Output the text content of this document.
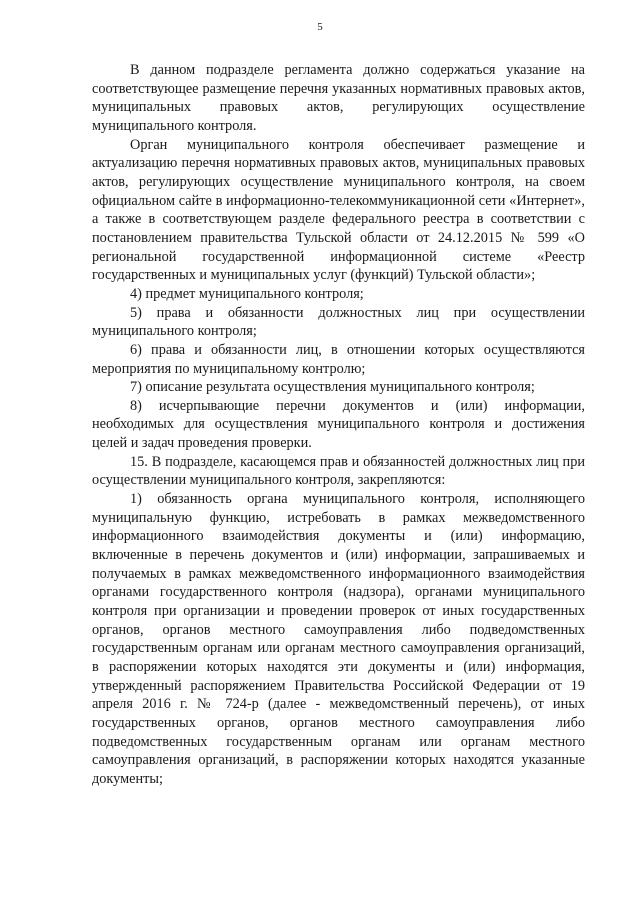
5

В данном подразделе регламента должно содержаться указание на соответствующее размещение перечня указанных нормативных правовых актов, муниципальных правовых актов, регулирующих осуществление муниципального контроля.

Орган муниципального контроля обеспечивает размещение и актуализацию перечня нормативных правовых актов, муниципальных правовых актов, регулирующих осуществление муниципального контроля, на своем официальном сайте в информационно-телекоммуникационной сети «Интернет», а также в соответствующем разделе федерального реестра в соответствии с постановлением правительства Тульской области от 24.12.2015 № 599 «О региональной государственной информационной системе «Реестр государственных и муниципальных услуг (функций) Тульской области»;

4) предмет муниципального контроля;

5) права и обязанности должностных лиц при осуществлении муниципального контроля;

6) права и обязанности лиц, в отношении которых осуществляются мероприятия по муниципальному контролю;

7) описание результата осуществления муниципального контроля;

8) исчерпывающие перечни документов и (или) информации, необходимых для осуществления муниципального контроля и достижения целей и задач проведения проверки.

15. В подразделе, касающемся прав и обязанностей должностных лиц при осуществлении муниципального контроля, закрепляются:

1) обязанность органа муниципального контроля, исполняющего муниципальную функцию, истребовать в рамках межведомственного информационного взаимодействия документы и (или) информацию, включенные в перечень документов и (или) информации, запрашиваемых и получаемых в рамках межведомственного информационного взаимодействия органами государственного контроля (надзора), органами муниципального контроля при организации и проведении проверок от иных государственных органов, органов местного самоуправления либо подведомственных государственным органам или органам местного самоуправления организаций, в распоряжении которых находятся эти документы и (или) информация, утвержденный распоряжением Правительства Российской Федерации от 19 апреля 2016 г. № 724-р (далее - межведомственный перечень), от иных государственных органов, органов местного самоуправления либо подведомственных государственным органам или органам местного самоуправления организаций, в распоряжении которых находятся указанные документы;
